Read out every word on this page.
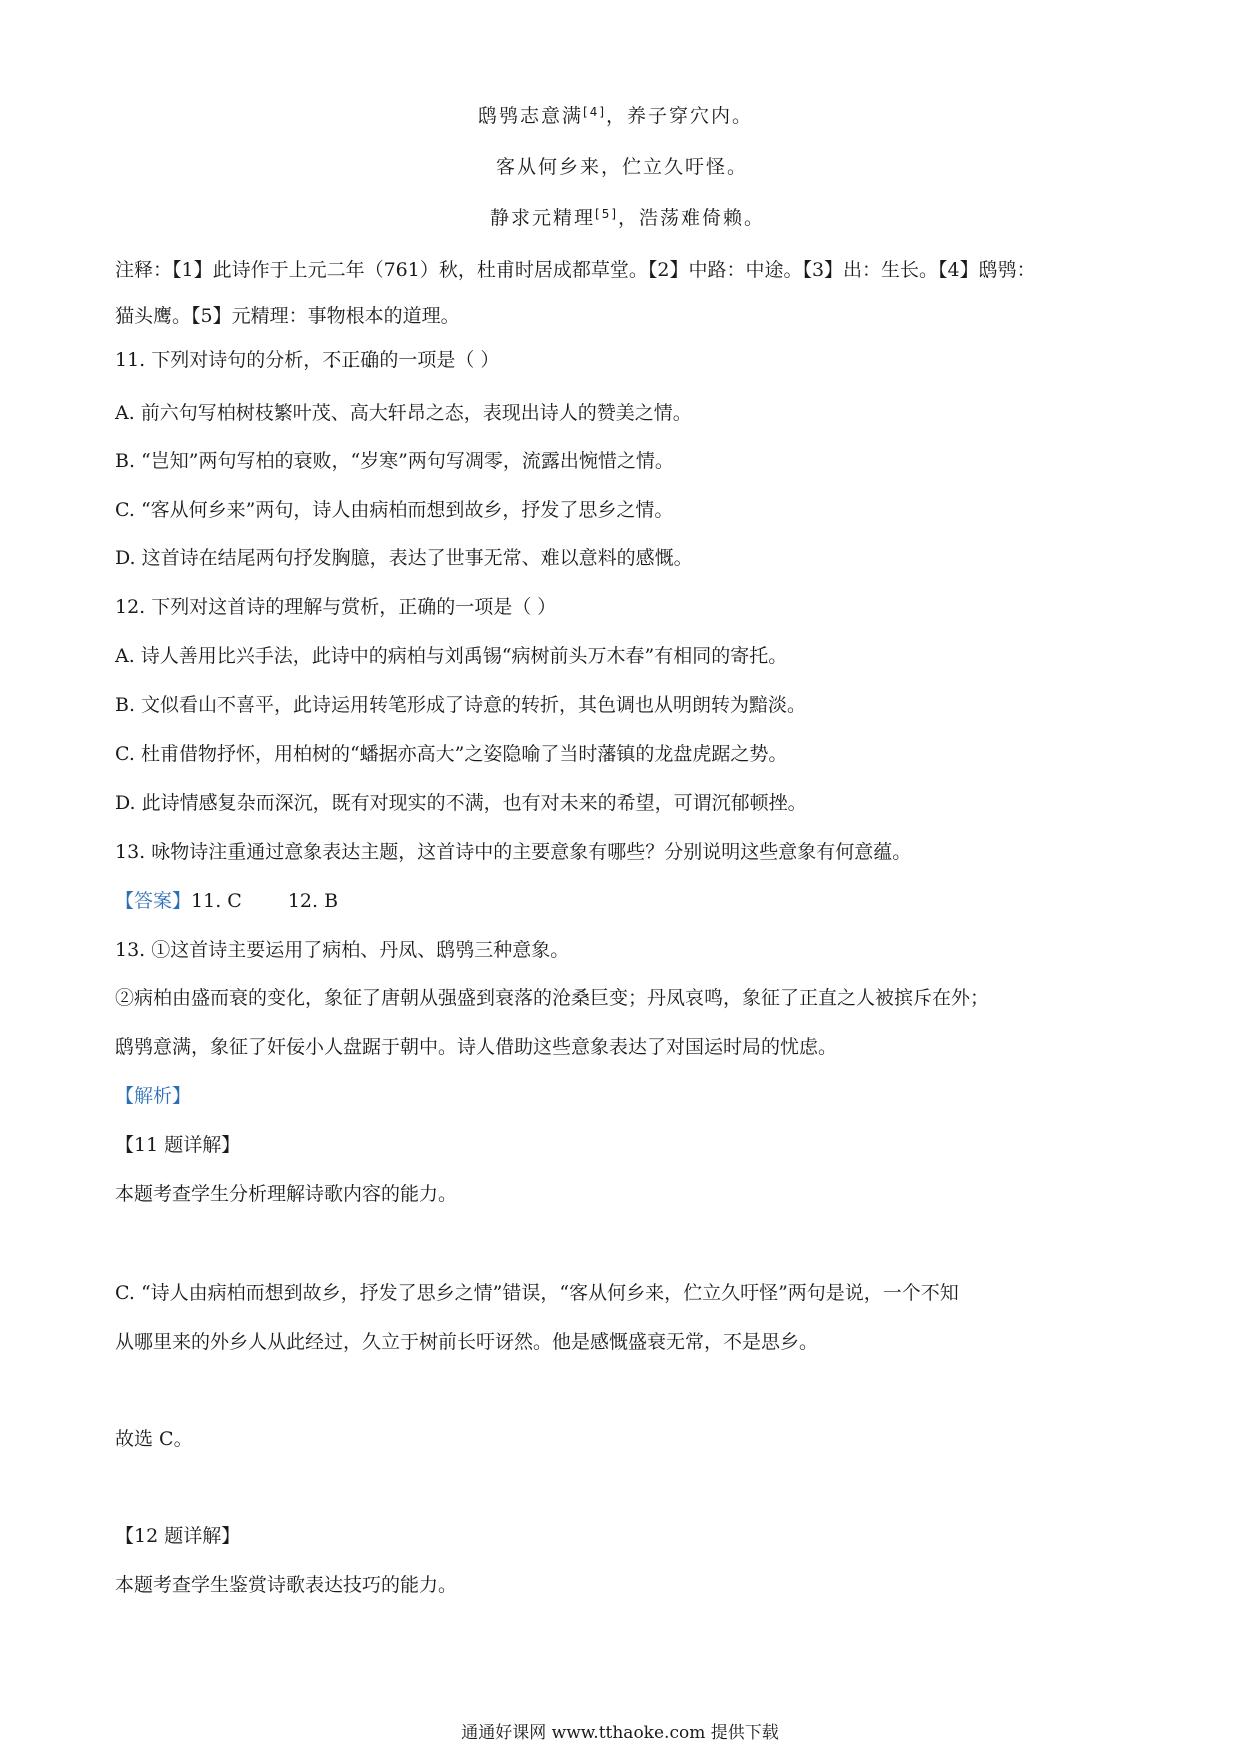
鸱鸮志意满[4]，养子穿穴内。
客从何乡来，伫立久吁怪。
静求元精理[5]，浩荡难倚赖。
注释：【1】此诗作于上元二年（761）秋，杜甫时居成都草堂。【2】中路：中途。【3】出：生长。【4】鸱鸮：
猫头鹰。【5】元精理：事物根本的道理。
11. 下列对诗句的分析，不正确的一项是（ ）
A. 前六句写柏树枝繁叶茂、高大轩昂之态，表现出诗人的赞美之情。
B. “岂知”两句写柏的衰败，“岁寒”两句写凋零，流露出惋惜之情。
C. “客从何乡来”两句，诗人由病柏而想到故乡，抒发了思乡之情。
D. 这首诗在结尾两句抒发胸臆，表达了世事无常、难以意料的感慨。
12. 下列对这首诗的理解与赏析，正确的一项是（ ）
A. 诗人善用比兴手法，此诗中的病柏与刘禹锡“病树前头万木春”有相同的寄托。
B. 文似看山不喜平，此诗运用转笔形成了诗意的转折，其色调也从明朗转为黯淡。
C. 杜甫借物抒怀，用柏树的“蟠据亦高大”之姿隐喻了当时藩镇的龙盘虎踞之势。
D. 此诗情感复杂而深沉，既有对现实的不满，也有对未来的希望，可谓沉郁顿挫。
13. 咏物诗注重通过意象表达主题，这首诗中的主要意象有哪些？分别说明这些意象有何意蕴。
【答案】11. C 12. B
13. ①这首诗主要运用了病柏、丹凤、鸱鸮三种意象。
②病柏由盛而衰的变化，象征了唐朝从强盛到衰落的沧桑巨变；丹凤哀鸣，象征了正直之人被摈斥在外；
鸱鸮意满，象征了奸佞小人盘踞于朝中。诗人借助这些意象表达了对国运时局的忧虑。
【解析】
【11 题详解】
本题考查学生分析理解诗歌内容的能力。
C. “诗人由病柏而想到故乡，抒发了思乡之情”错误，“客从何乡来，伫立久吁怪”两句是说，一个不知
从哪里来的外乡人从此经过，久立于树前长吁讶然。他是感慨盛衰无常，不是思乡。
故选 C。
【12 题详解】
本题考查学生鉴赏诗歌表达技巧的能力。
通通好课网 www.tthaoke.com 提供下载
